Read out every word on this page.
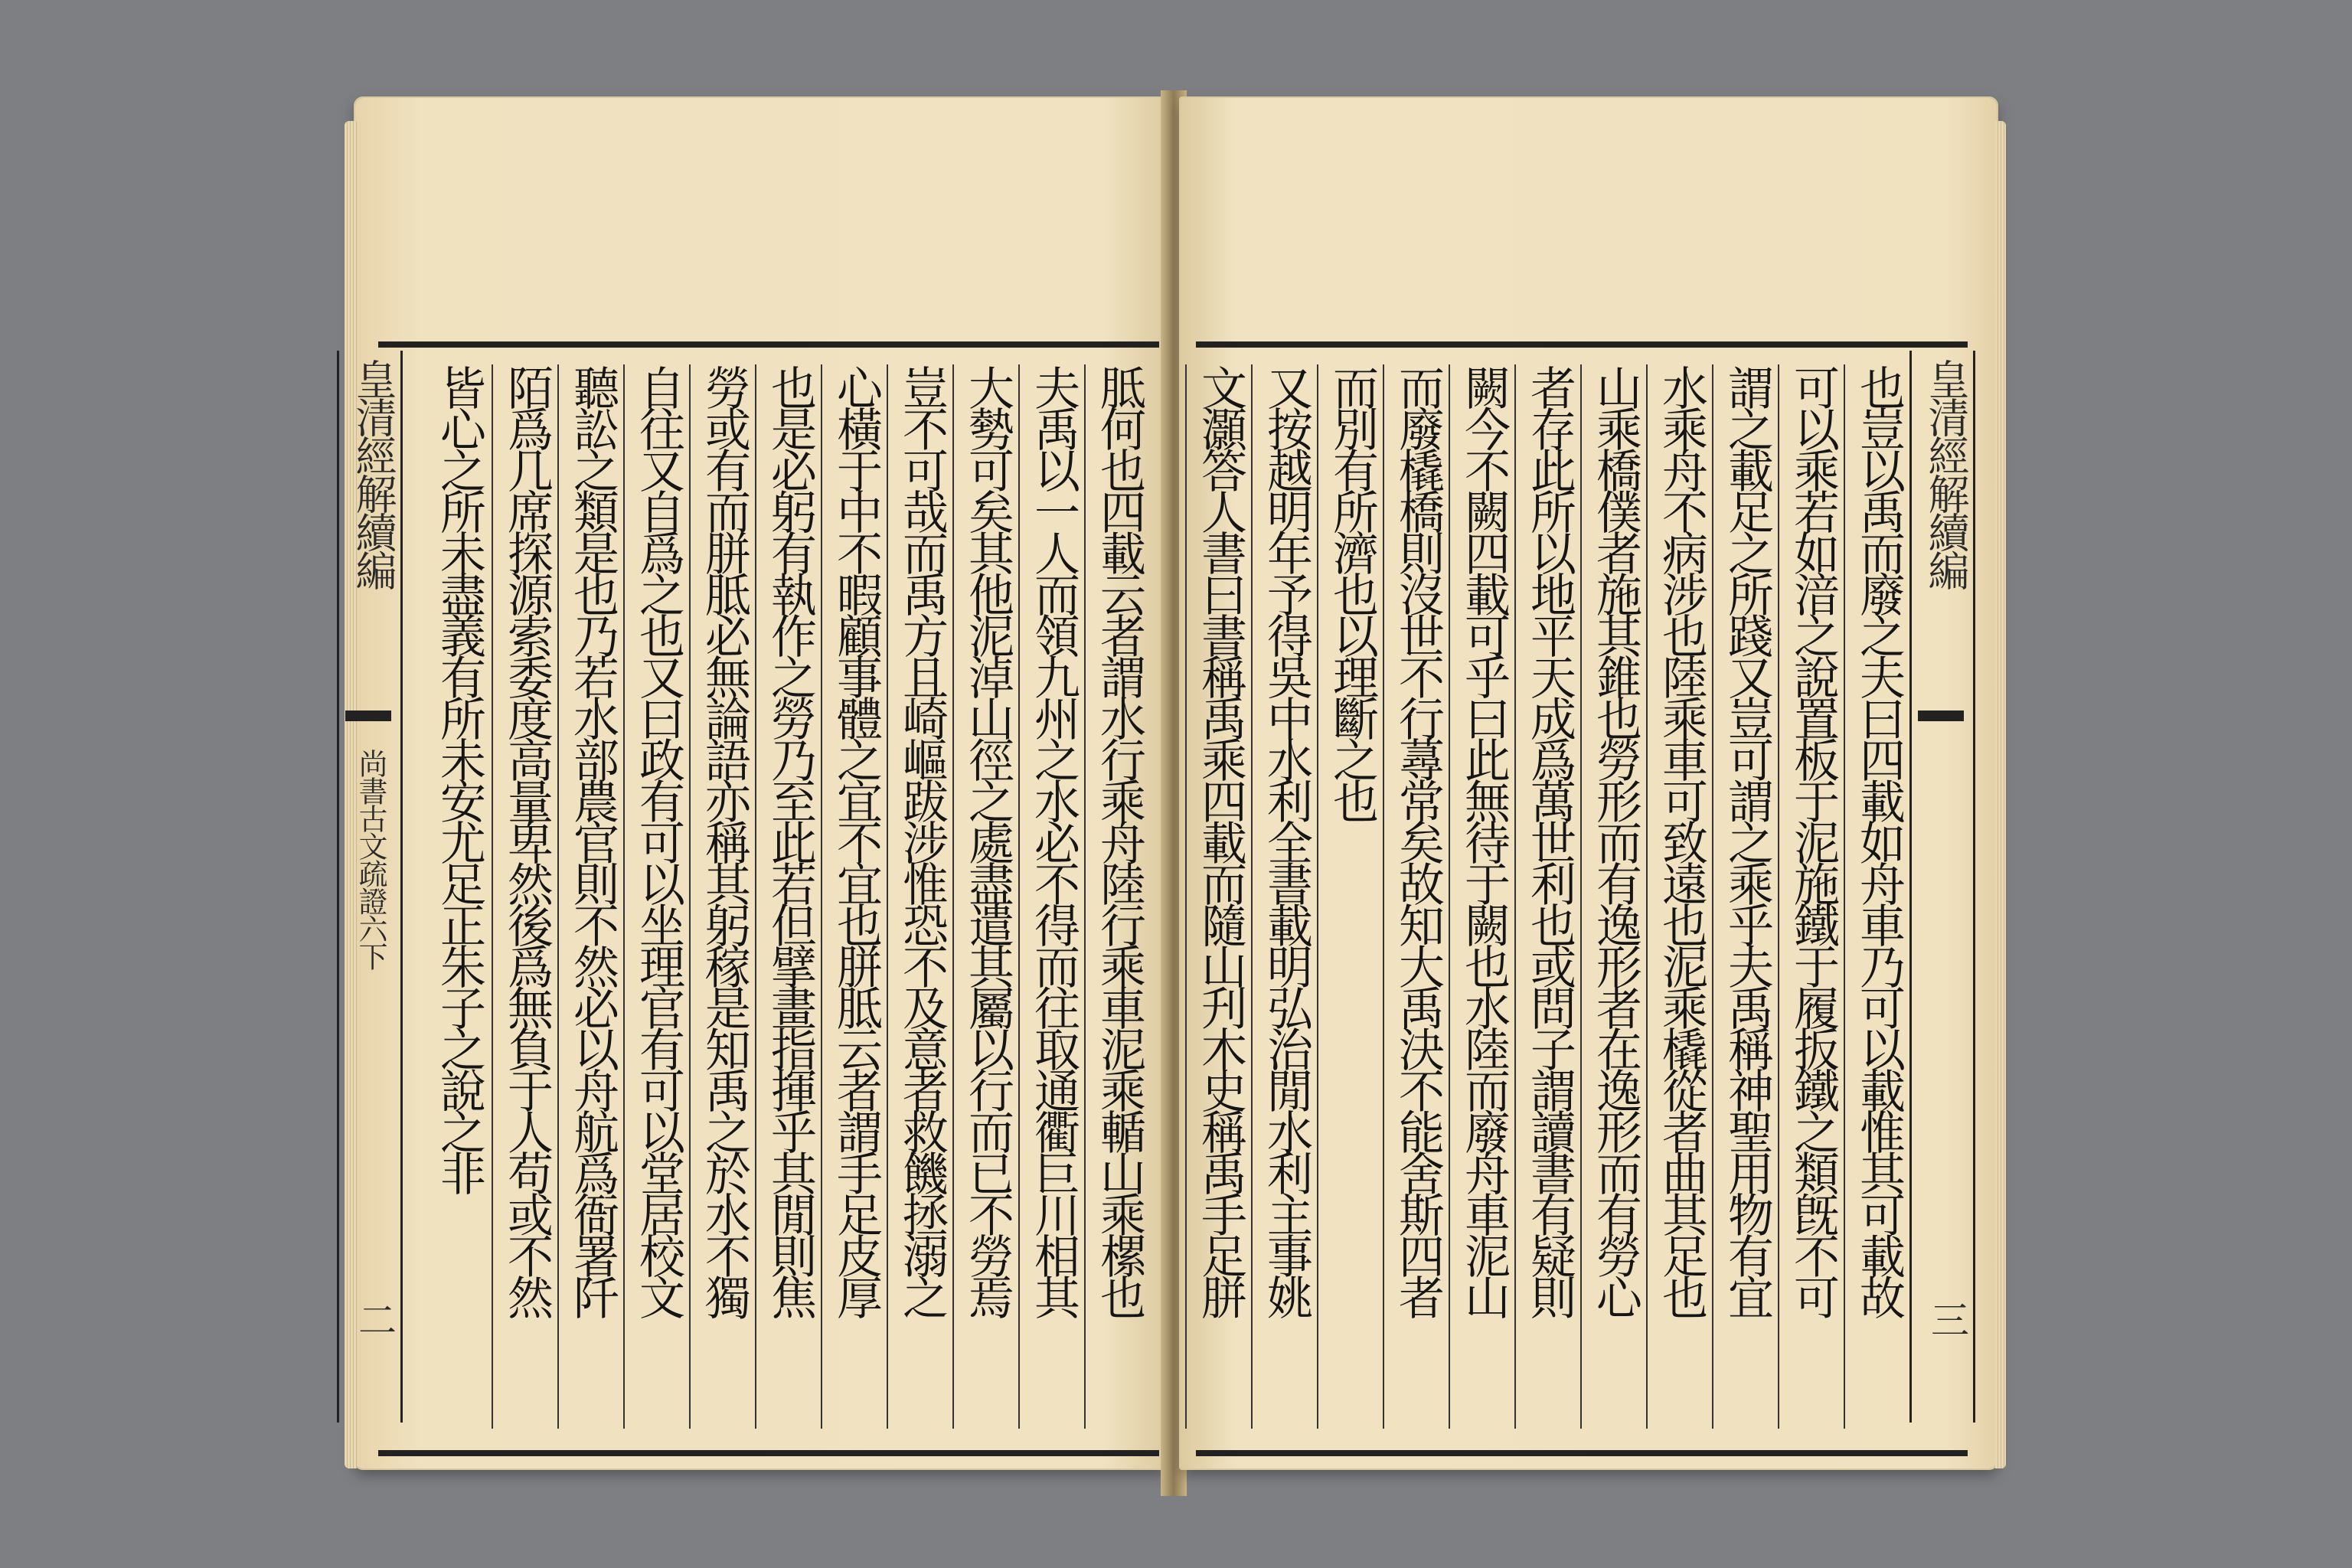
胝何也四載云者謂水行乘舟陸行乘車泥乘輴山乘樏也
夫禹以一人而領九州之水必不得而往取通衢巨川相其
大勢可矣其他泥淖山徑之處盡遣其屬以行而已不勞焉
豈不可哉而禹方且崎嶇跋涉惟恐不及意者救饑拯溺之
心橫于中不暇顧事體之宜不宜也胼胝云者謂手足皮厚
也是必躬有執作之勞乃至此若但擘畫指揮乎其閒則焦
勞或有而胼胝必無論語亦稱其躬稼是知禹之於水不獨
自往又自爲之也又曰政有可以坐理官有可以堂居校文
聽訟之類是也乃若水部農官則不然必以舟航爲衙署阡
陌爲几席探源索委度高量卑然後爲無負于人苟或不然
皆心之所未盡義有所未安尤足正朱子之說之非
皇清經解續編
尚書古文疏證六下
二
也豈以禹而廢之夫曰四載如舟車乃可以載惟其可載故
可以乘若如湆之說置板于泥施鐵于履扳鐵之類旣不可
謂之載足之所踐又豈可謂之乘乎夫禹稱神聖用物有宜
水乘舟不病涉也陸乘車可致遠也泥乘橇從者曲其足也
山乘橋僕者施其錐也勞形而有逸形者在逸形而有勞心
者存此所以地平天成爲萬世利也或問子謂讀書有疑則
闕今不闕四載可乎曰此無待于闕也水陸而廢舟車泥山
而廢橇橋則沒世不行蕁常矣故知大禹決不能舍斯四者
而別有所濟也以理斷之也
又按越明年予得吳中水利全書載明弘治閒水利主事姚
文灝答人書曰書稱禹乘四載而隨山刋木史稱禹手足胼	皇清經解續編
三
